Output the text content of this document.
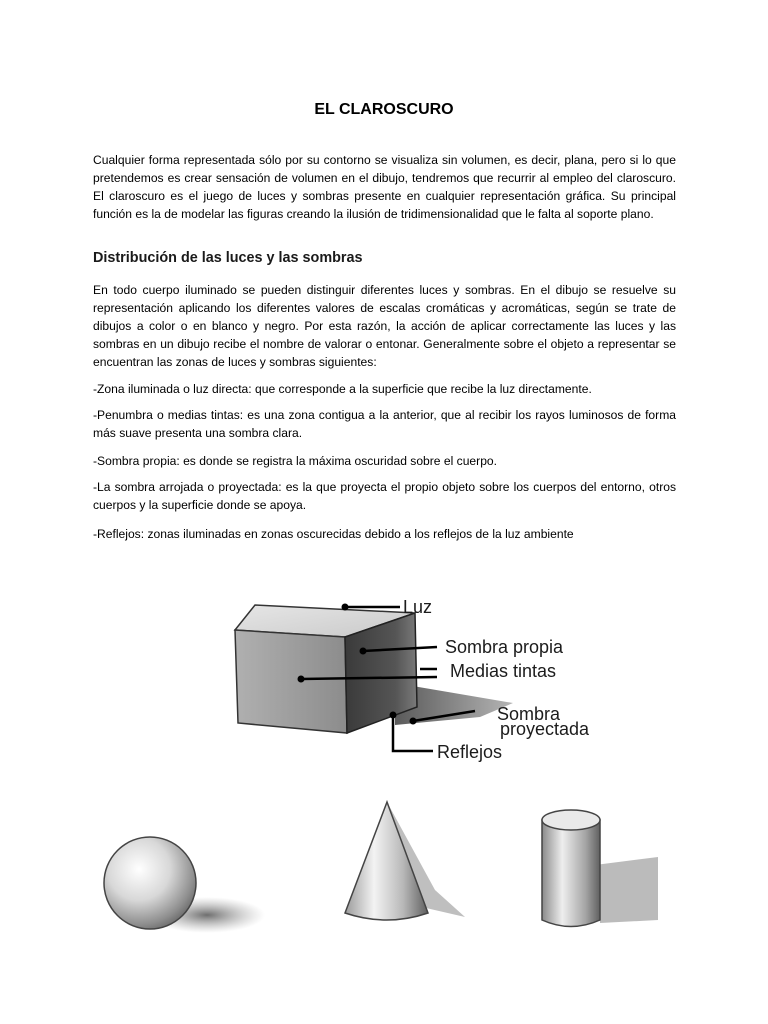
EL CLAROSCURO

Cualquier forma representada sólo por su contorno se visualiza sin volumen, es decir, plana, pero si lo que pretendemos es crear sensación de volumen en el dibujo, tendremos que recurrir al empleo del claroscuro. El claroscuro es el juego de luces y sombras presente en cualquier representación gráfica. Su principal función es la de modelar las figuras creando la ilusión de tridimensionalidad que le falta al soporte plano.

Distribución de las luces y las sombras

En todo cuerpo iluminado se pueden distinguir diferentes luces y sombras. En el dibujo se resuelve su representación aplicando los diferentes valores de escalas cromáticas y acromáticas, según se trate de dibujos a color o en blanco y negro. Por esta razón, la acción de aplicar correctamente las luces y las sombras en un dibujo recibe el nombre de valorar o entonar. Generalmente sobre el objeto a representar se encuentran las zonas de luces y sombras siguientes:

-Zona iluminada o luz directa: que corresponde a la superficie que recibe la luz directamente.

-Penumbra o medias tintas: es una zona contigua a la anterior, que al recibir los rayos luminosos de forma más suave presenta una sombra clara.

-Sombra propia: es donde se registra la máxima oscuridad sobre el cuerpo.

-La sombra arrojada o proyectada: es la que proyecta el propio objeto sobre los cuerpos del entorno, otros cuerpos y la superficie donde se apoya.

-Reflejos: zonas iluminadas en zonas oscurecidas debido a los reflejos de la luz ambiente

Luz
Sombra propia
Medias tintas
Sombra
proyectada
Reflejos
